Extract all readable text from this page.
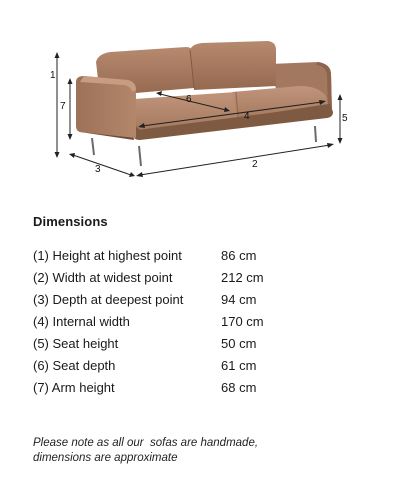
1
7
3	2
5
6
4
Dimensions
(1) Height at highest point	86 cm
(2) Width at widest point	212 cm
(3) Depth at deepest point	94 cm
(4) Internal width	170 cm
(5) Seat height	50 cm
(6) Seat depth	61 cm
(7) Arm height	68 cm
Please note as all our  sofas are handmade,
dimensions are approximate
